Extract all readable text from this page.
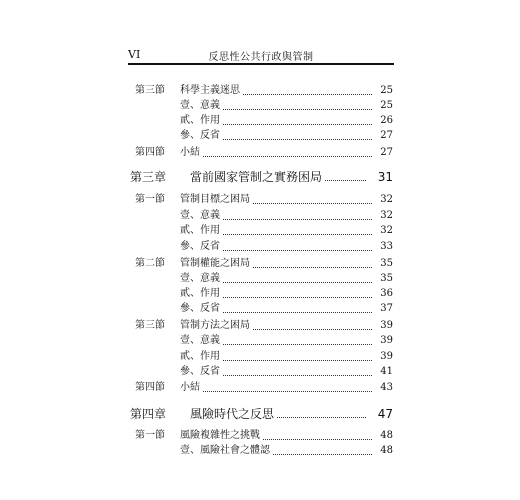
VI	反思性公共行政與管制
第三節 科學主義迷思	25
壹、意義	25
貳、作用	26
參、反省	27
第四節 小結	27
第三章 當前國家管制之實務困局	31
第一節 管制目標之困局	32
壹、意義	32
貳、作用	32
參、反省	33
第二節 管制權能之困局	35
壹、意義	35
貳、作用	36
參、反省	37
第三節 管制方法之困局	39
壹、意義	39
貳、作用	39
參、反省	41
第四節 小結	43
第四章 風險時代之反思	47
第一節 風險複雜性之挑戰	48
壹、風險社會之體認	48
